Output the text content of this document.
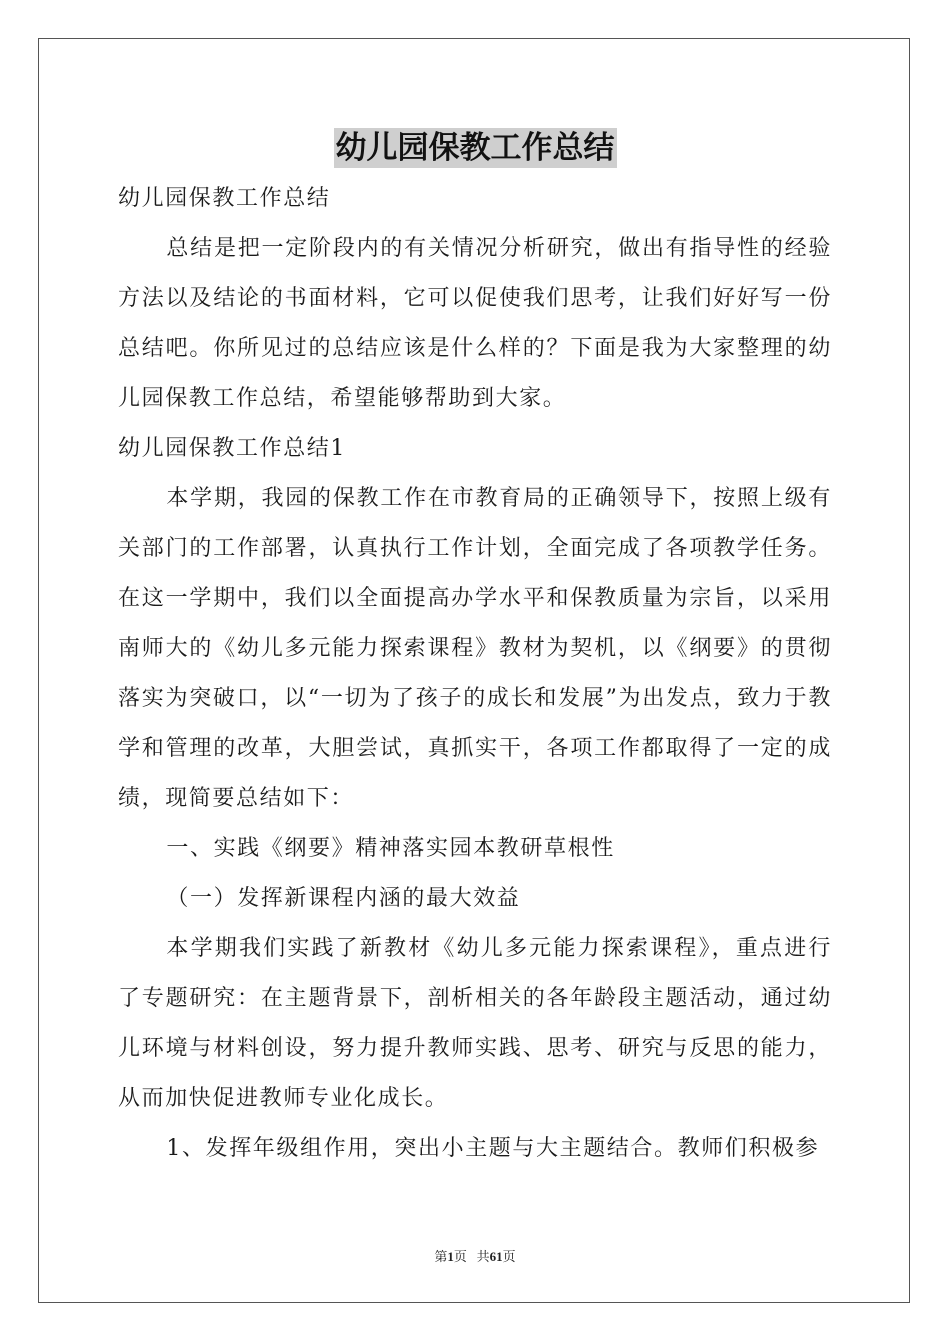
幼儿园保教工作总结

幼儿园保教工作总结

总结是把一定阶段内的有关情况分析研究，做出有指导性的经验方法以及结论的书面材料，它可以促使我们思考，让我们好好写一份总结吧。你所见过的总结应该是什么样的？下面是我为大家整理的幼儿园保教工作总结，希望能够帮助到大家。

幼儿园保教工作总结1

本学期，我园的保教工作在市教育局的正确领导下，按照上级有关部门的工作部署，认真执行工作计划，全面完成了各项教学任务。在这一学期中，我们以全面提高办学水平和保教质量为宗旨，以采用南师大的《幼儿多元能力探索课程》教材为契机，以《纲要》的贯彻落实为突破口，以“一切为了孩子的成长和发展”为出发点，致力于教学和管理的改革，大胆尝试，真抓实干，各项工作都取得了一定的成绩，现简要总结如下：

一、实践《纲要》精神落实园本教研草根性

（一）发挥新课程内涵的最大效益

本学期我们实践了新教材《幼儿多元能力探索课程》，重点进行了专题研究：在主题背景下，剖析相关的各年龄段主题活动，通过幼儿环境与材料创设，努力提升教师实践、思考、研究与反思的能力，从而加快促进教师专业化成长。

1、发挥年级组作用，突出小主题与大主题结合。教师们积极参

第1页   共61页
